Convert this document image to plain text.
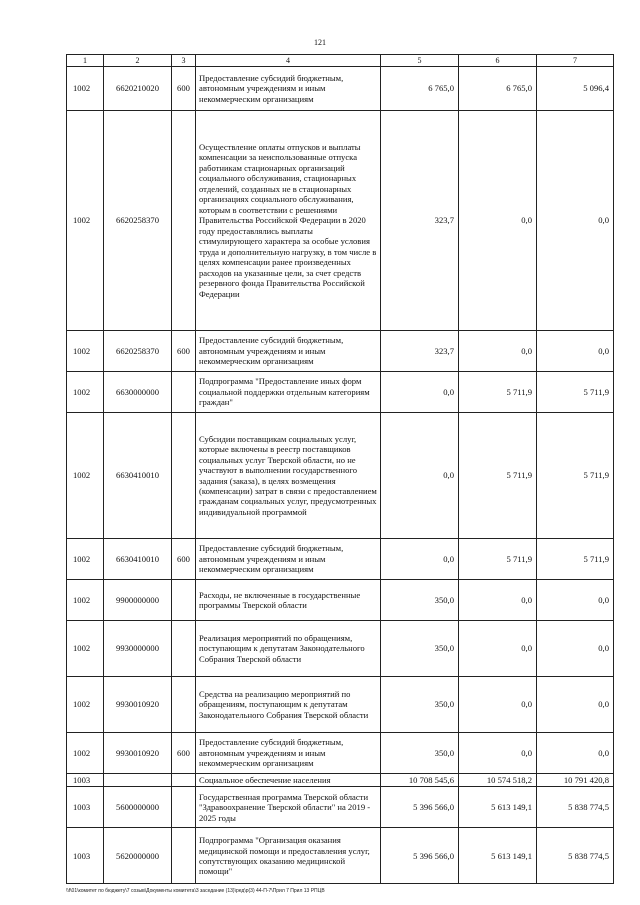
121
1	2	3	4	5	6	7
1002	6620210020	600	Предоставление субсидий бюджетным, автономным учреждениям и иным некоммерческим организациям	6 765,0	6 765,0	5 096,4
1002	6620258370		Осуществление оплаты отпусков и выплаты компенсации за неиспользованные отпуска работникам стационарных организаций социального обслуживания, стационарных отделений, созданных не в стационарных организациях социального обслуживания, которым в соответствии с решениями Правительства Российской Федерации в 2020 году предоставлялись выплаты стимулирующего характера за особые условия труда и дополнительную нагрузку, в том числе в целях компенсации ранее произведенных расходов на указанные цели, за счет средств резервного фонда Правительства Российской Федерации	323,7	0,0	0,0
1002	6620258370	600	Предоставление субсидий бюджетным, автономным учреждениям и иным некоммерческим организациям	323,7	0,0	0,0
1002	6630000000		Подпрограмма "Предоставление иных форм социальной поддержки отдельным категориям граждан"	0,0	5 711,9	5 711,9
1002	6630410010		Субсидии поставщикам социальных услуг, которые включены в реестр поставщиков социальных услуг Тверской области, но не участвуют в выполнении государственного задания (заказа), в целях возмещения (компенсации) затрат в связи с предоставлением гражданам социальных услуг, предусмотренных индивидуальной программой	0,0	5 711,9	5 711,9
1002	6630410010	600	Предоставление субсидий бюджетным, автономным учреждениям и иным некоммерческим организациям	0,0	5 711,9	5 711,9
1002	9900000000		Расходы, не включенные в государственные программы Тверской области	350,0	0,0	0,0
1002	9930000000		Реализация мероприятий по обращениям, поступающим к депутатам Законодательного Собрания Тверской области	350,0	0,0	0,0
1002	9930010920		Средства на реализацию мероприятий по обращениям, поступающим к депутатам Законодательного Собрания Тверской области	350,0	0,0	0,0
1002	9930010920	600	Предоставление субсидий бюджетным, автономным учреждениям и иным некоммерческим организациям	350,0	0,0	0,0
1003			Социальное обеспечение населения	10 708 545,6	10 574 518,2	10 791 420,8
1003	5600000000		Государственная программа Тверской области "Здравоохранение Тверской области" на 2019 - 2025 годы	5 396 566,0	5 613 149,1	5 838 774,5
1003	5620000000		Подпрограмма "Организация оказания медицинской помощи и предоставления услуг, сопутствующих оказанию медицинской помощи"	5 396 566,0	5 613 149,1	5 838 774,5
\\f\01\комитет по бюджету\7 созыв\Документы комитета\3 заседание (13)\ред\р(3) 44-П-7\Прил 7 Прил 13 РПЦВ
